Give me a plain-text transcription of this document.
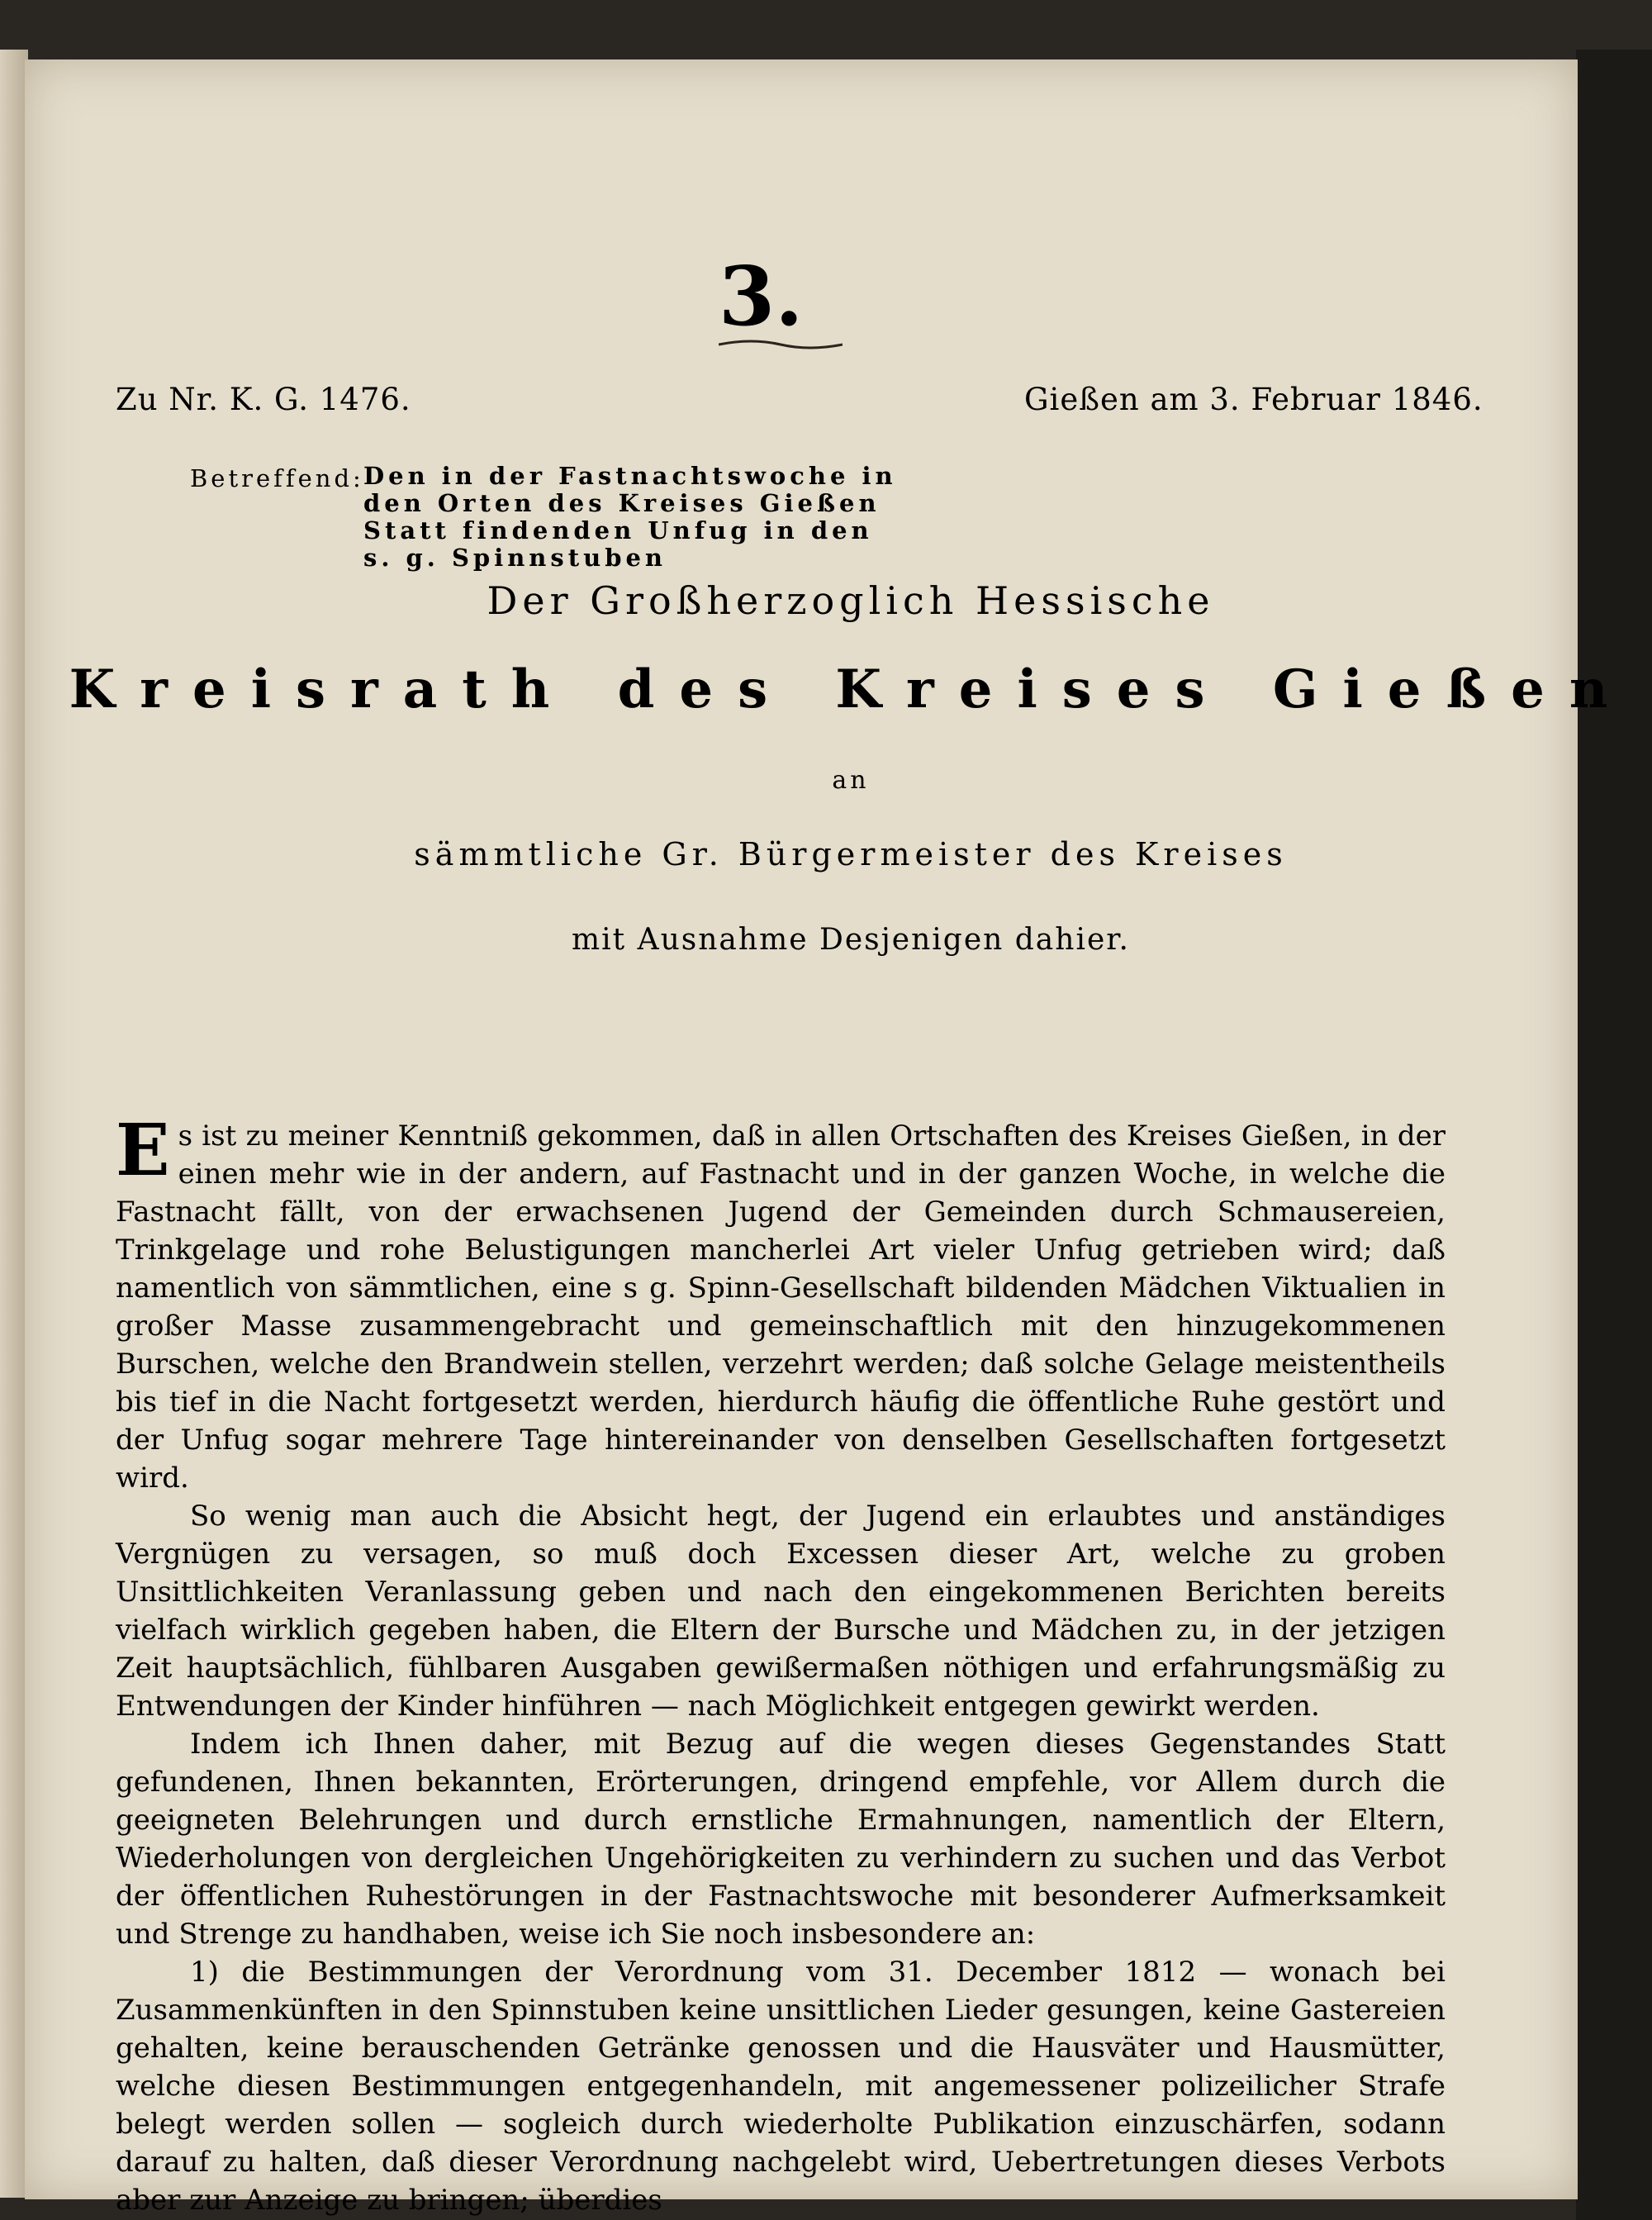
3.
Zu Nr. K. G. 1476.	Gießen am 3. Februar 1846.
Betreffend: Den in der Fastnachtswoche in den Orten des Kreises Gießen Statt findenden Unfug in den s. g. Spinnstuben
Der Großherzoglich Hessische
Kreisrath des Kreises Gießen
an
sämmtliche Gr. Bürgermeister des Kreises
mit Ausnahme Desjenigen dahier.

Es ist zu meiner Kenntniß gekommen, daß in allen Ortschaften des Kreises Gießen, in der einen mehr wie in der andern, auf Fastnacht und in der ganzen Woche, in welche die Fastnacht fällt, von der erwachsenen Jugend der Gemeinden durch Schmausereien, Trinkgelage und rohe Belustigungen mancherlei Art vieler Unfug getrieben wird; daß namentlich von sämmtlichen, eine s g. Spinn-Gesellschaft bildenden Mädchen Viktualien in großer Masse zusammengebracht und gemeinschaftlich mit den hinzugekommenen Burschen, welche den Brandwein stellen, verzehrt werden; daß solche Gelage meistentheils bis tief in die Nacht fortgesetzt werden, hierdurch häufig die öffentliche Ruhe gestört und der Unfug sogar mehrere Tage hintereinander von denselben Gesellschaften fortgesetzt wird.

So wenig man auch die Absicht hegt, der Jugend ein erlaubtes und anständiges Vergnügen zu versagen, so muß doch Excessen dieser Art, welche zu groben Unsittlichkeiten Veranlassung geben und nach den eingekommenen Berichten bereits vielfach wirklich gegeben haben, die Eltern der Bursche und Mädchen zu, in der jetzigen Zeit hauptsächlich, fühlbaren Ausgaben gewißermaßen nöthigen und erfahrungsmäßig zu Entwendungen der Kinder hinführen — nach Möglichkeit entgegen gewirkt werden.

Indem ich Ihnen daher, mit Bezug auf die wegen dieses Gegenstandes Statt gefundenen, Ihnen bekannten, Erörterungen, dringend empfehle, vor Allem durch die geeigneten Belehrungen und durch ernstliche Ermahnungen, namentlich der Eltern, Wiederholungen von dergleichen Ungehörigkeiten zu verhindern zu suchen und das Verbot der öffentlichen Ruhestörungen in der Fastnachtswoche mit besonderer Aufmerksamkeit und Strenge zu handhaben, weise ich Sie noch insbesondere an:

1) die Bestimmungen der Verordnung vom 31. December 1812 — wonach bei Zusammenkünften in den Spinnstuben keine unsittlichen Lieder gesungen, keine Gastereien gehalten, keine berauschenden Getränke genossen und die Hausväter und Hausmütter, welche diesen Bestimmungen entgegenhandeln, mit angemessener polizeilicher Strafe belegt werden sollen — sogleich durch wiederholte Publikation einzuschärfen, sodann darauf zu halten, daß dieser Verordnung nachgelebt wird, Uebertretungen dieses Verbots aber zur Anzeige zu bringen; überdies
